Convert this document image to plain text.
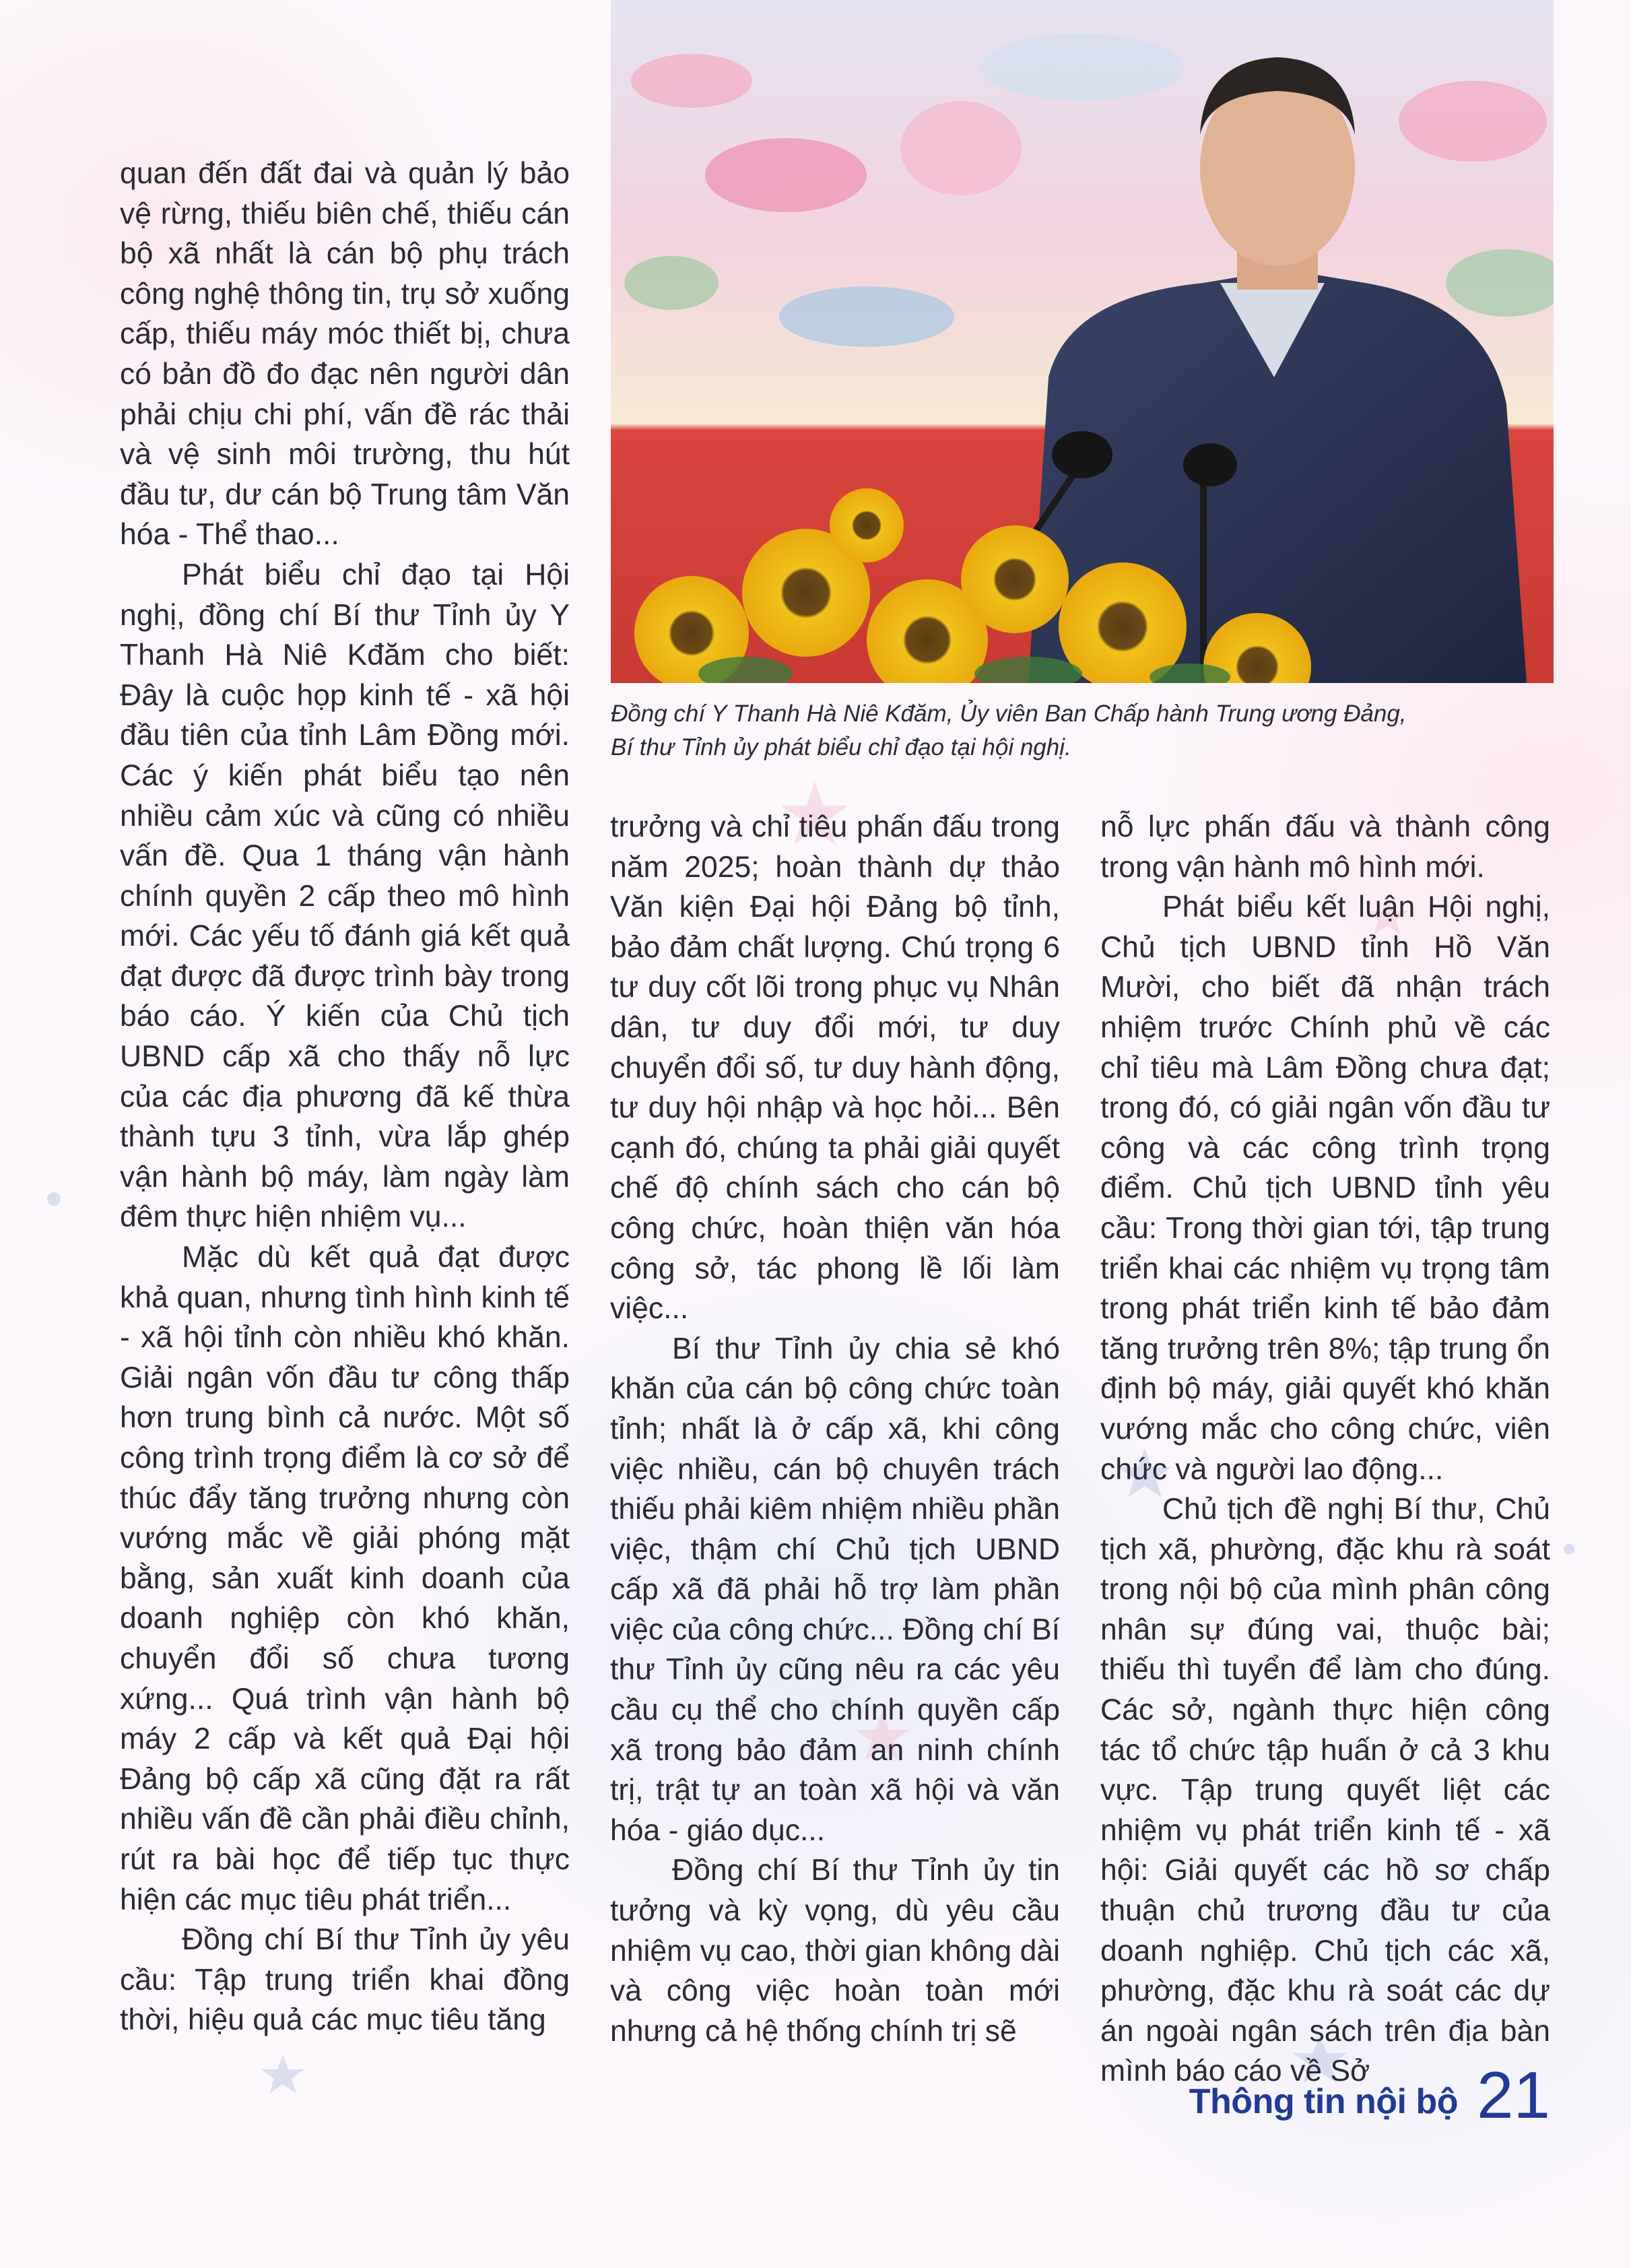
Đồng chí Y Thanh Hà Niê Kđăm, Ủy viên Ban Chấp hành Trung ương Đảng,
Bí thư Tỉnh ủy phát biểu chỉ đạo tại hội nghị.

quan đến đất đai và quản lý bảo vệ rừng, thiếu biên chế, thiếu cán bộ xã nhất là cán bộ phụ trách công nghệ thông tin, trụ sở xuống cấp, thiếu máy móc thiết bị, chưa có bản đồ đo đạc nên người dân phải chịu chi phí, vấn đề rác thải và vệ sinh môi trường, thu hút đầu tư, dư cán bộ Trung tâm Văn hóa - Thể thao...

Phát biểu chỉ đạo tại Hội nghị, đồng chí Bí thư Tỉnh ủy Y Thanh Hà Niê Kđăm cho biết: Đây là cuộc họp kinh tế - xã hội đầu tiên của tỉnh Lâm Đồng mới. Các ý kiến phát biểu tạo nên nhiều cảm xúc và cũng có nhiều vấn đề. Qua 1 tháng vận hành chính quyền 2 cấp theo mô hình mới. Các yếu tố đánh giá kết quả đạt được đã được trình bày trong báo cáo. Ý kiến của Chủ tịch UBND cấp xã cho thấy nỗ lực của các địa phương đã kế thừa thành tựu 3 tỉnh, vừa lắp ghép vận hành bộ máy, làm ngày làm đêm thực hiện nhiệm vụ...

Mặc dù kết quả đạt được khả quan, nhưng tình hình kinh tế - xã hội tỉnh còn nhiều khó khăn. Giải ngân vốn đầu tư công thấp hơn trung bình cả nước. Một số công trình trọng điểm là cơ sở để thúc đẩy tăng trưởng nhưng còn vướng mắc về giải phóng mặt bằng, sản xuất kinh doanh của doanh nghiệp còn khó khăn, chuyển đổi số chưa tương xứng... Quá trình vận hành bộ máy 2 cấp và kết quả Đại hội Đảng bộ cấp xã cũng đặt ra rất nhiều vấn đề cần phải điều chỉnh, rút ra bài học để tiếp tục thực hiện các mục tiêu phát triển...

Đồng chí Bí thư Tỉnh ủy yêu cầu: Tập trung triển khai đồng thời, hiệu quả các mục tiêu tăng

trưởng và chỉ tiêu phấn đấu trong năm 2025; hoàn thành dự thảo Văn kiện Đại hội Đảng bộ tỉnh, bảo đảm chất lượng. Chú trọng 6 tư duy cốt lõi trong phục vụ Nhân dân, tư duy đổi mới, tư duy chuyển đổi số, tư duy hành động, tư duy hội nhập và học hỏi... Bên cạnh đó, chúng ta phải giải quyết chế độ chính sách cho cán bộ công chức, hoàn thiện văn hóa công sở, tác phong lề lối làm việc...

Bí thư Tỉnh ủy chia sẻ khó khăn của cán bộ công chức toàn tỉnh; nhất là ở cấp xã, khi công việc nhiều, cán bộ chuyên trách thiếu phải kiêm nhiệm nhiều phần việc, thậm chí Chủ tịch UBND cấp xã đã phải hỗ trợ làm phần việc của công chức... Đồng chí Bí thư Tỉnh ủy cũng nêu ra các yêu cầu cụ thể cho chính quyền cấp xã trong bảo đảm an ninh chính trị, trật tự an toàn xã hội và văn hóa - giáo dục...

Đồng chí Bí thư Tỉnh ủy tin tưởng và kỳ vọng, dù yêu cầu nhiệm vụ cao, thời gian không dài và công việc hoàn toàn mới nhưng cả hệ thống chính trị sẽ

nỗ lực phấn đấu và thành công trong vận hành mô hình mới.

Phát biểu kết luận Hội nghị, Chủ tịch UBND tỉnh Hồ Văn Mười, cho biết đã nhận trách nhiệm trước Chính phủ về các chỉ tiêu mà Lâm Đồng chưa đạt; trong đó, có giải ngân vốn đầu tư công và các công trình trọng điểm. Chủ tịch UBND tỉnh yêu cầu: Trong thời gian tới, tập trung triển khai các nhiệm vụ trọng tâm trong phát triển kinh tế bảo đảm tăng trưởng trên 8%; tập trung ổn định bộ máy, giải quyết khó khăn vướng mắc cho công chức, viên chức và người lao động...

Chủ tịch đề nghị Bí thư, Chủ tịch xã, phường, đặc khu rà soát trong nội bộ của mình phân công nhân sự đúng vai, thuộc bài; thiếu thì tuyển để làm cho đúng. Các sở, ngành thực hiện công tác tổ chức tập huấn ở cả 3 khu vực. Tập trung quyết liệt các nhiệm vụ phát triển kinh tế - xã hội: Giải quyết các hồ sơ chấp thuận chủ trương đầu tư của doanh nghiệp. Chủ tịch các xã, phường, đặc khu rà soát các dự án ngoài ngân sách trên địa bàn mình báo cáo về Sở

Thông tin nội bộ 21
